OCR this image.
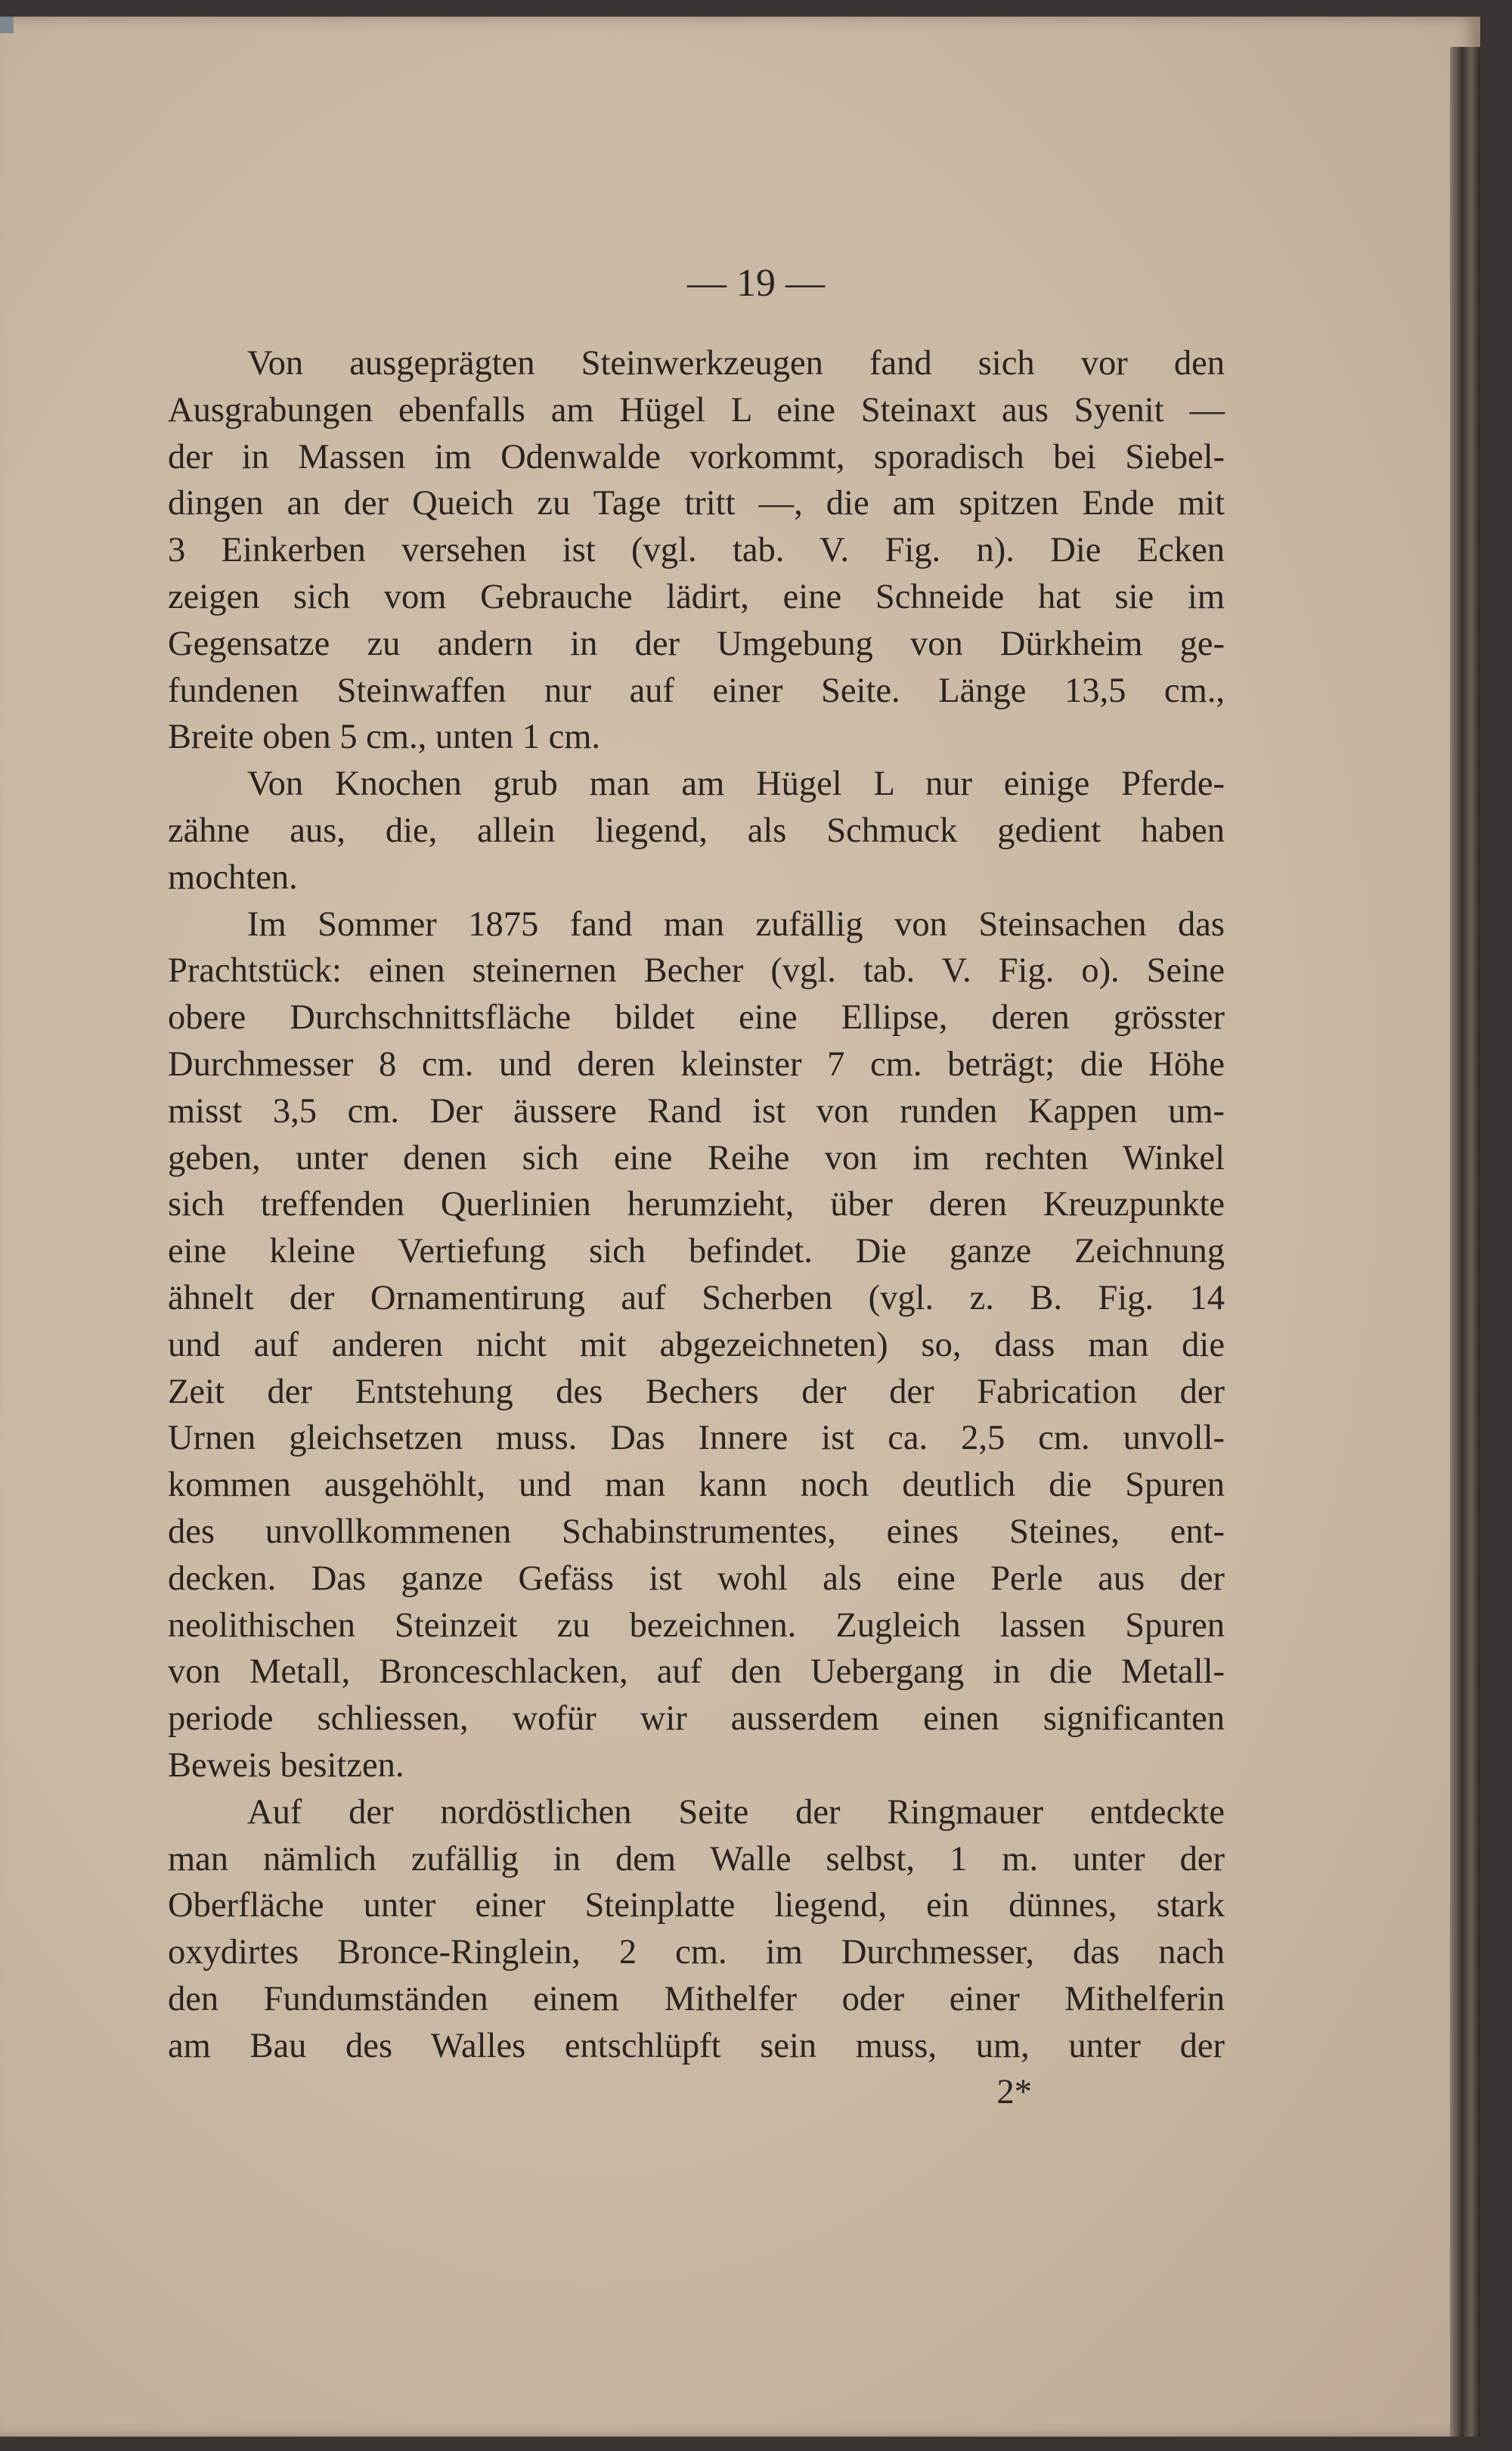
— 19 —
Von ausgeprägten Steinwerkzeugen fand sich vor den
Ausgrabungen ebenfalls am Hügel L eine Steinaxt aus Syenit —
der in Massen im Odenwalde vorkommt, sporadisch bei Siebel-
dingen an der Queich zu Tage tritt —, die am spitzen Ende mit
3 Einkerben versehen ist (vgl. tab. V. Fig. n). Die Ecken
zeigen sich vom Gebrauche lädirt, eine Schneide hat sie im
Gegensatze zu andern in der Umgebung von Dürkheim ge-
fundenen Steinwaffen nur auf einer Seite. Länge 13,5 cm.,
Breite oben 5 cm., unten 1 cm.
Von Knochen grub man am Hügel L nur einige Pferde-
zähne aus, die, allein liegend, als Schmuck gedient haben
mochten.
Im Sommer 1875 fand man zufällig von Steinsachen das
Prachtstück: einen steinernen Becher (vgl. tab. V. Fig. o). Seine
obere Durchschnittsfläche bildet eine Ellipse, deren grösster
Durchmesser 8 cm. und deren kleinster 7 cm. beträgt; die Höhe
misst 3,5 cm. Der äussere Rand ist von runden Kappen um-
geben, unter denen sich eine Reihe von im rechten Winkel
sich treffenden Querlinien herumzieht, über deren Kreuzpunkte
eine kleine Vertiefung sich befindet. Die ganze Zeichnung
ähnelt der Ornamentirung auf Scherben (vgl. z. B. Fig. 14
und auf anderen nicht mit abgezeichneten) so, dass man die
Zeit der Entstehung des Bechers der der Fabrication der
Urnen gleichsetzen muss. Das Innere ist ca. 2,5 cm. unvoll-
kommen ausgehöhlt, und man kann noch deutlich die Spuren
des unvollkommenen Schabinstrumentes, eines Steines, ent-
decken. Das ganze Gefäss ist wohl als eine Perle aus der
neolithischen Steinzeit zu bezeichnen. Zugleich lassen Spuren
von Metall, Bronceschlacken, auf den Uebergang in die Metall-
periode schliessen, wofür wir ausserdem einen significanten
Beweis besitzen.
Auf der nordöstlichen Seite der Ringmauer entdeckte
man nämlich zufällig in dem Walle selbst, 1 m. unter der
Oberfläche unter einer Steinplatte liegend, ein dünnes, stark
oxydirtes Bronce-Ringlein, 2 cm. im Durchmesser, das nach
den Fundumständen einem Mithelfer oder einer Mithelferin
am Bau des Walles entschlüpft sein muss, um, unter der
2*
